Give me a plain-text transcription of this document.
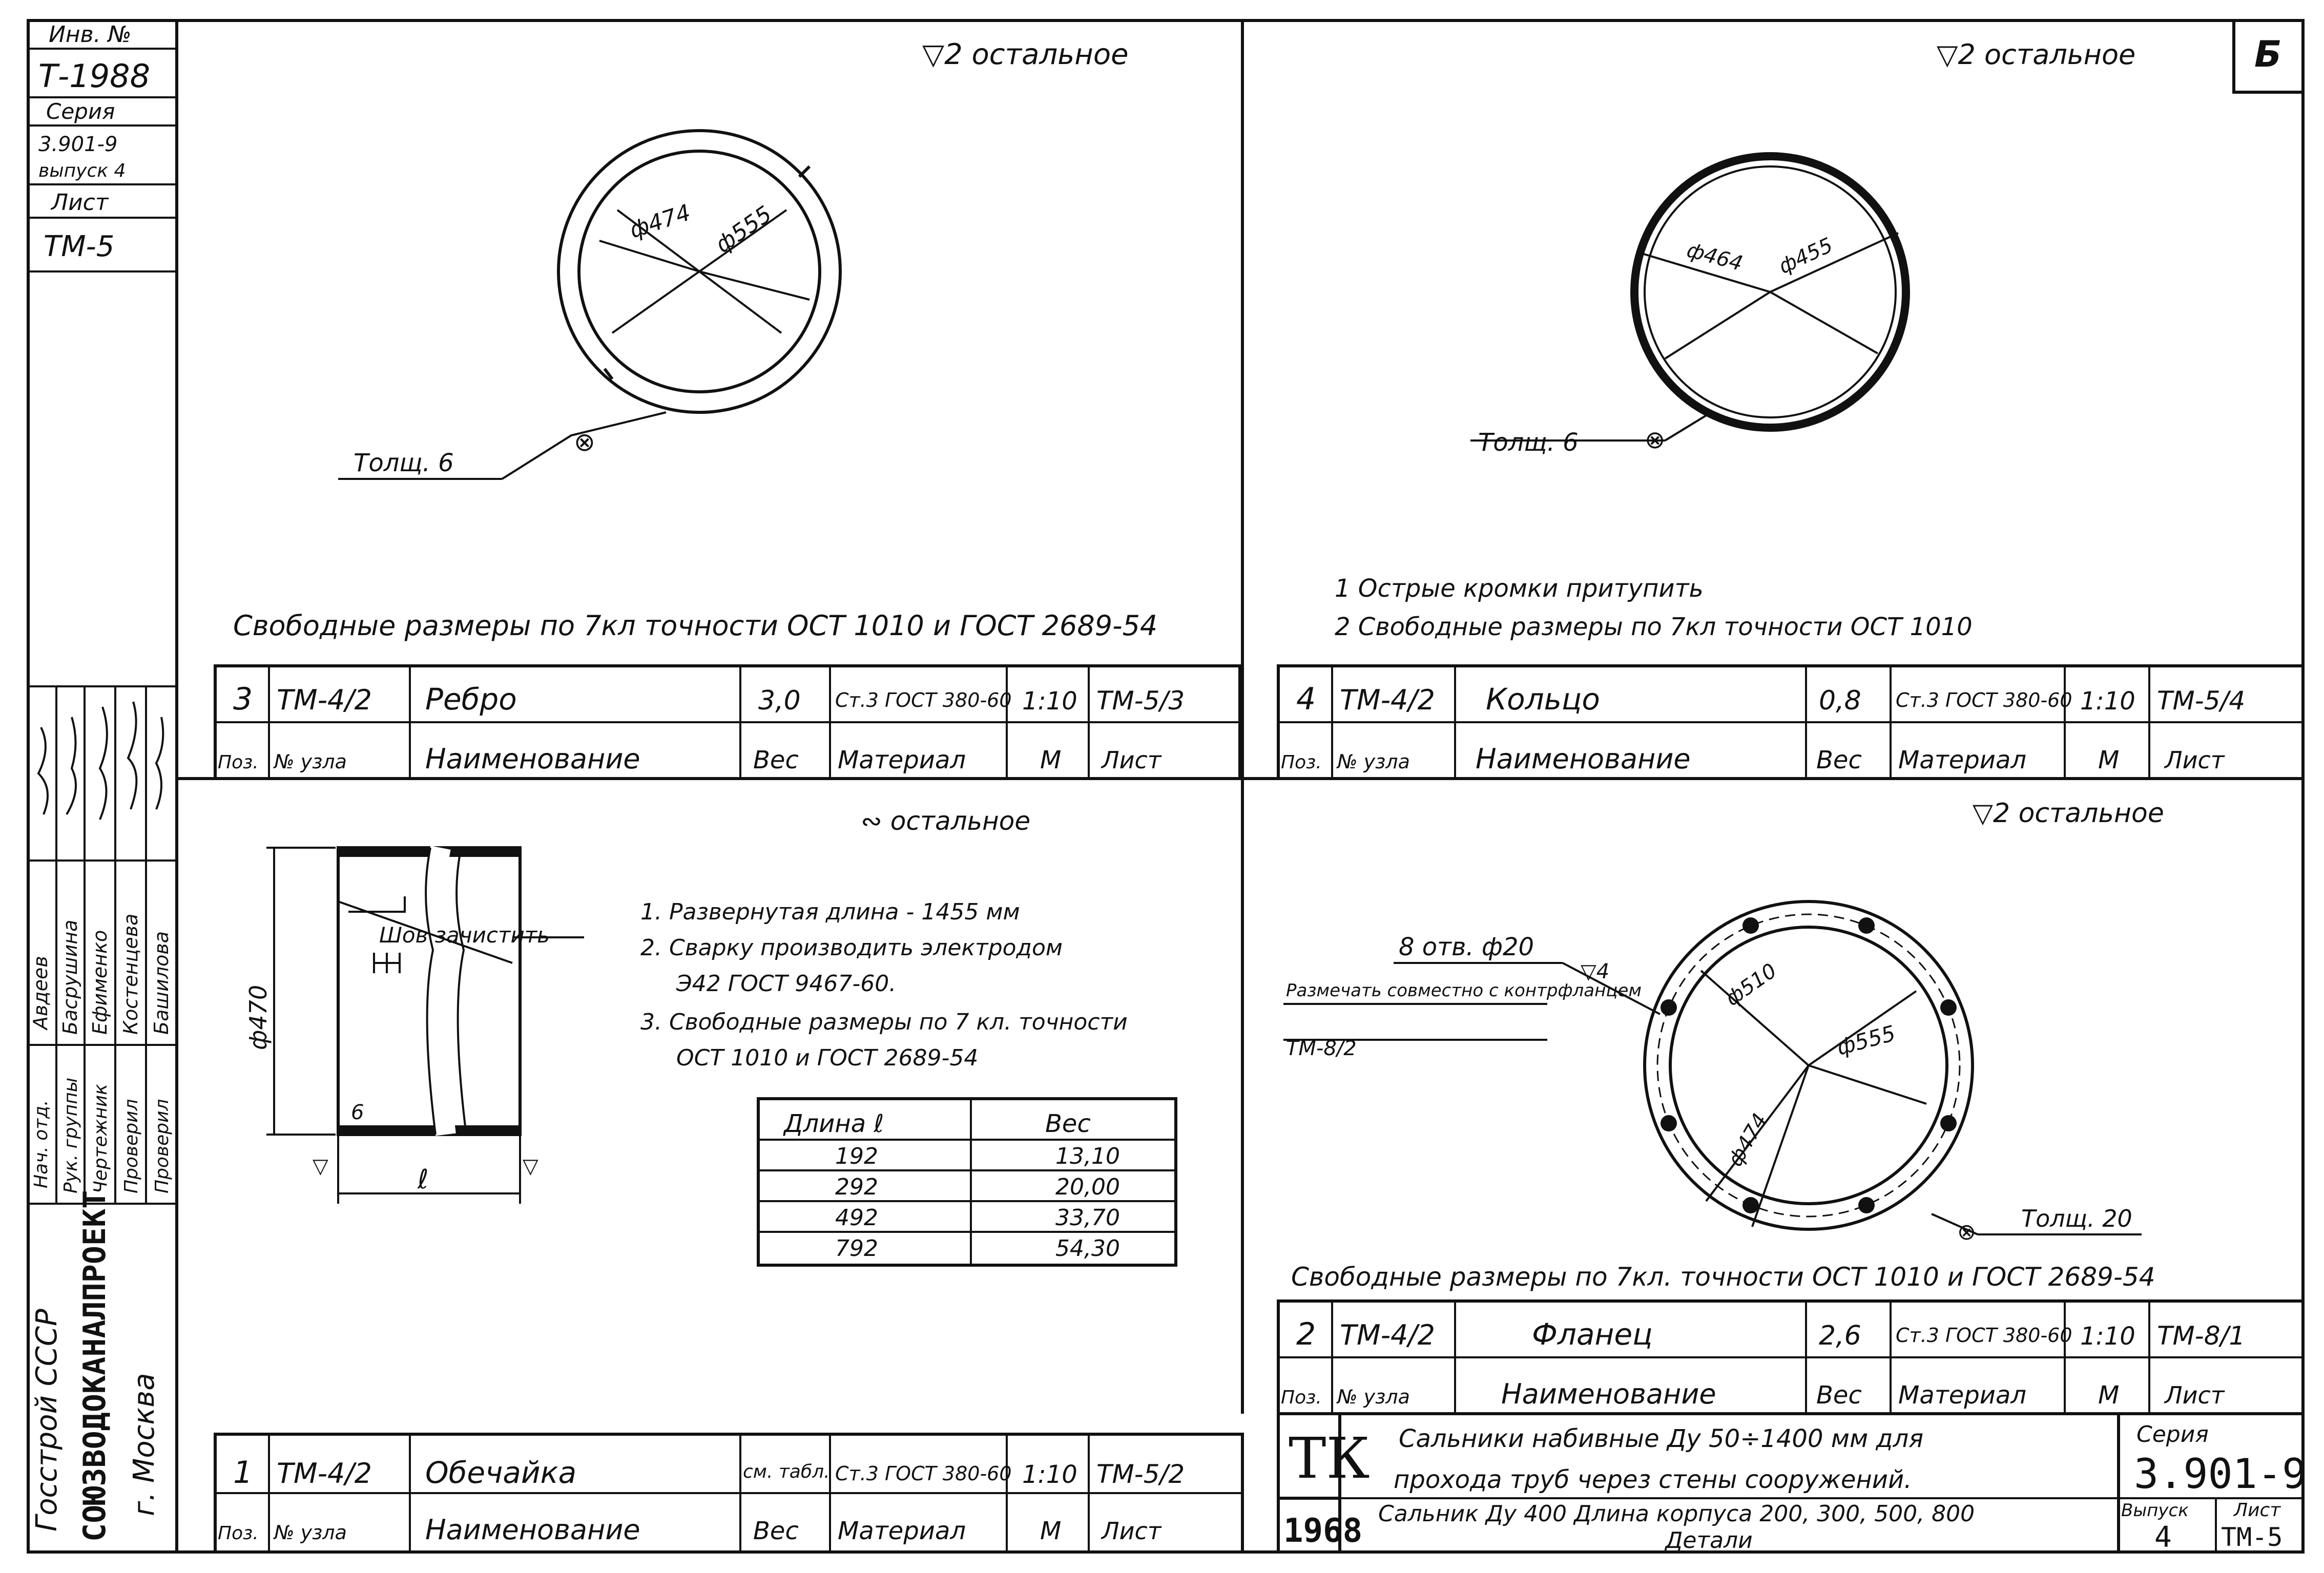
Инв. №
Т-1988
Серия
3.901-9
выпуск 4
Лист
ТМ-5
Нач. отд. Рук. группы Чертежник Проверил Проверил
Авдеев Басрушина Ефименко Костенцева Башилова
Госстрой СССР СОЮЗВОДОКАНАЛПРОЕКТ г. Москва
Б
▽2 остальное
ф474 ф555
⊗
Толщ. 6
Свободные размеры по 7кл точности ОСТ 1010 и ГОСТ 2689-54
▽2 остальное
ф464 ф455
⊗
Толщ. 6
1 Острые кромки притупить
2 Свободные размеры по 7кл точности ОСТ 1010
3 ТМ-4/2 Ребро	3,0 Ст.3 ГОСТ 380-60 1:10 ТМ-5/3
Поз. № узла	Наименование	Вес Материал	М Лист
4 ТМ-4/2 Кольцо	0,8 Ст.3 ГОСТ 380-60 1:10 ТМ-5/4
Поз. № узла Наименование	Вес Материал	М Лист
∾ остальное
Шов зачистить
ф470
6
ℓ
▽	▽
1. Развернутая длина - 1455 мм
2. Сварку производить электродом
Э42 ГОСТ 9467-60.
3. Свободные размеры по 7 кл. точности
ОСТ 1010 и ГОСТ 2689-54
Длина ℓ	Вес
192	13,10
292	20,00
492	33,70
792	54,30
1 ТМ-4/2 Обечайка	см. табл. Ст.3 ГОСТ 380-60 1:10 ТМ-5/2
Поз. № узла	Наименование	Вес Материал	М Лист
▽2 остальное
ф510
ф555
ф474
8 отв. ф20
▽4
Размечать совместно с контрфланцем
ТМ-8/2
⊗ Толщ. 20
Свободные размеры по 7кл. точности ОСТ 1010 и ГОСТ 2689-54
2 ТМ-4/2	Фланец	2,6 Ст.3 ГОСТ 380-60 1:10 ТМ-8/1
Поз. № узла	Наименование	Вес Материал	М Лист
ТК
1968
Сальники набивные Ду 50÷1400 мм для
прохода труб через стены сооружений.
Сальник Ду 400 Длина корпуса 200, 300, 500, 800
Детали
Серия
3.901-9
Выпуск
4
Лист
ТМ-5
